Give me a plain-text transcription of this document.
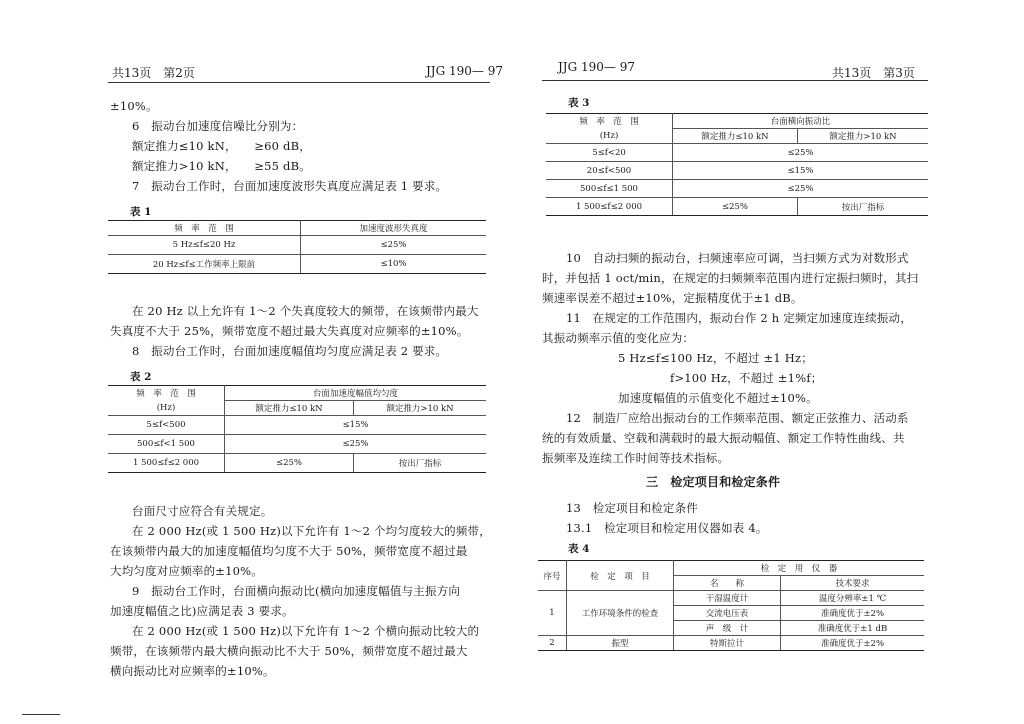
共13页　第2页	JJG 190— 97
±10%。
6　振动台加速度信噪比分别为：
额定推力≤10 kN，　　≥60 dB，
额定推力>10 kN，　　≥55 dB。
7　振动台工作时，台面加速度波形失真度应满足表 1 要求。
表 1
频　率　范　围	加速度波形失真度
5 Hz≤f≤20 Hz	≤25%
20 Hz≤f≤工作频率上限前	≤10%
在 20 Hz 以上允许有 1～2 个失真度较大的频带，在该频带内最大
失真度不大于 25%，频带宽度不超过最大失真度对应频率的±10%。
8　振动台工作时，台面加速度幅值均匀度应满足表 2 要求。
表 2
频　率　范　围	台面加速度幅值均匀度	
(Hz)	额定推力≤10 kN	额定推力>10 kN
5≤f<500	≤15%	
500≤f<1 500	≤25%	
1 500≤f≤2 000	≤25%	按出厂指标
台面尺寸应符合有关规定。
在 2 000 Hz(或 1 500 Hz)以下允许有 1～2 个均匀度较大的频带，
在该频带内最大的加速度幅值均匀度不大于 50%，频带宽度不超过最
大均匀度对应频率的±10%。
9　振动台工作时，台面横向振动比(横向加速度幅值与主振方向
加速度幅值之比)应满足表 3 要求。
在 2 000 Hz(或 1 500 Hz)以下允许有 1～2 个横向振动比较大的
频带，在该频带内最大横向振动比不大于 50%，频带宽度不超过最大
横向振动比对应频率的±10%。
JJG 190— 97	共13页　第3页
表 3
频　率　范　围	台面横向振动比	
(Hz)	额定推力≤10 kN	额定推力>10 kN
5≤f<20	≤25%	
20≤f<500	≤15%	
500≤f≤1 500	≤25%	
1 500≤f≤2 000	≤25%	按出厂指标
10　自动扫频的振动台，扫频速率应可调，当扫频方式为对数形式
时，并包括 1 oct/min，在规定的扫频频率范围内进行定振扫频时，其扫
频速率误差不超过±10%，定振精度优于±1 dB。
11　在规定的工作范围内，振动台作 2 h 定频定加速度连续振动，
其振动频率示值的变化应为：
5 Hz≤f≤100 Hz，不超过 ±1 Hz；
f>100 Hz，不超过 ±1%f；
加速度幅值的示值变化不超过±10%。
12　制造厂应给出振动台的工作频率范围、额定正弦推力、活动系
统的有效质量、空载和满载时的最大振动幅值、额定工作特性曲线、共
振频率及连续工作时间等技术指标。
三　检定项目和检定条件
13　检定项目和检定条件
13.1　检定项目和检定用仪器如表 4。
表 4
序号	检　定　项　目	检　定　用　仪　器	
		名　　称	技术要求
1	工作环境条件的检查	干湿温度计	温度分辨率±1 ℃
		交流电压表	准确度优于±2%
		声　级　计	准确度优于±1 dB
2	振型	特斯拉计	准确度优于±2%
